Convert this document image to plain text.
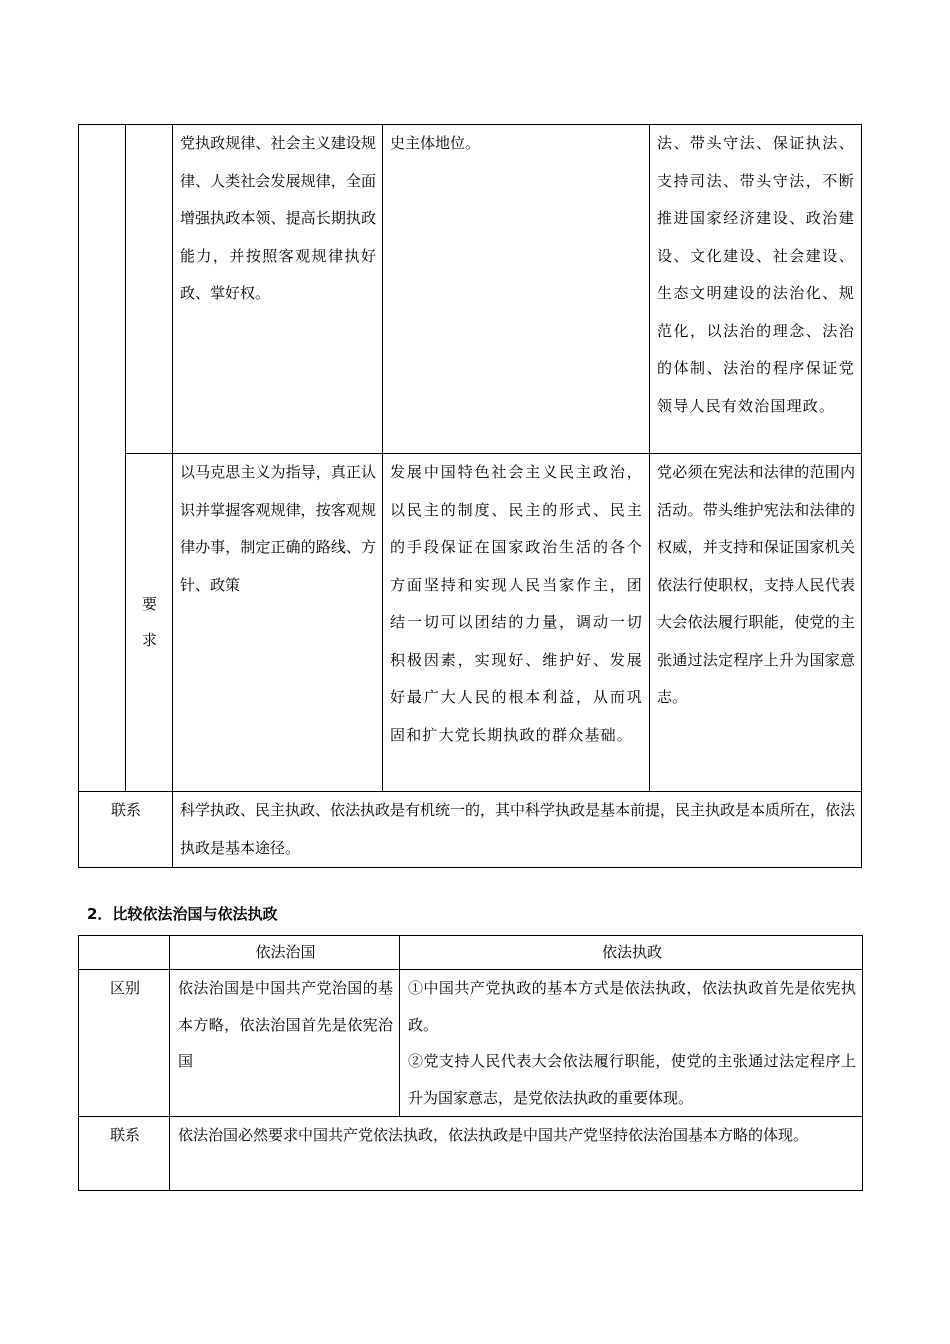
		党执政规律、社会主义建设规律、人类社会发展规律，全面增强执政本领、提高长期执政能力，并按照客观规律执好政、掌好权。	史主体地位。	法、带头守法、保证执法、支持司法、带头守法，不断推进国家经济建设、政治建设、文化建设、社会建设、生态文明建设的法治化、规范化，以法治的理念、法治的体制、法治的程序保证党领导人民有效治国理政。
	要求	以马克思主义为指导，真正认识并掌握客观规律，按客观规律办事，制定正确的路线、方针、政策	发展中国特色社会主义民主政治，以民主的制度、民主的形式、民主的手段保证在国家政治生活的各个方面坚持和实现人民当家作主，团结一切可以团结的力量，调动一切积极因素，实现好、维护好、发展好最广大人民的根本利益，从而巩固和扩大党长期执政的群众基础。	党必须在宪法和法律的范围内活动。带头维护宪法和法律的权威，并支持和保证国家机关依法行使职权，支持人民代表大会依法履行职能，使党的主张通过法定程序上升为国家意志。
联系		科学执政、民主执政、依法执政是有机统一的，其中科学执政是基本前提，民主执政是本质所在，依法执政是基本途径。		
2．比较依法治国与依法执政
	依法治国	依法执政
区别	依法治国是中国共产党治国的基本方略，依法治国首先是依宪治国	①中国共产党执政的基本方式是依法执政，依法执政首先是依宪执政。
②党支持人民代表大会依法履行职能，使党的主张通过法定程序上升为国家意志，是党依法执政的重要体现。

联系	依法治国必然要求中国共产党依法执政，依法执政是中国共产党坚持依法治国基本方略的体现。	
